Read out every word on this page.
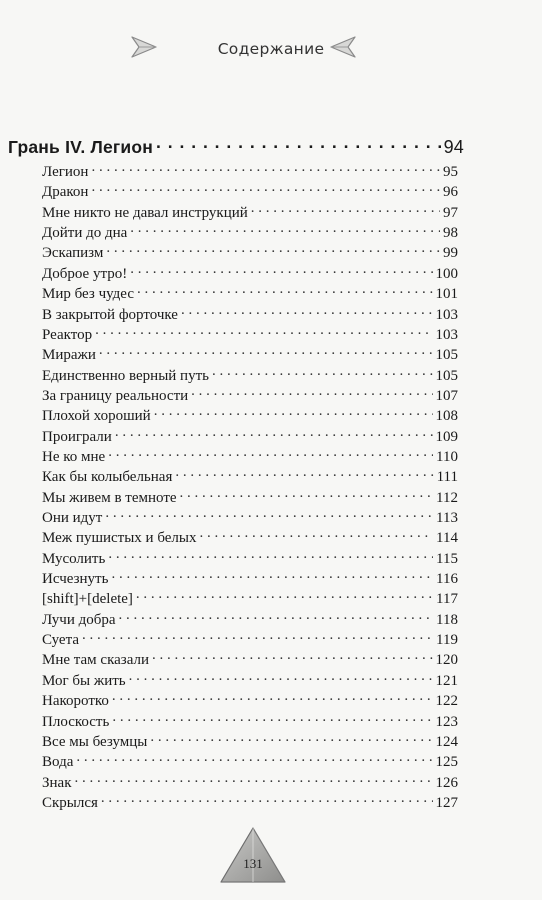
Содержание
Грань IV. Легион . . .	94
Легион . . .	95
Дракон . . .	96
Мне никто не давал инструкций . . .	97
Дойти до дна . . .	98
Эскапизм . . .	99
Доброе утро! . . .	100
Мир без чудес . . .	101
В закрытой форточке . . .	103
Реактор . . .	103
Миражи . . .	105
Единственно верный путь . . .	105
За границу реальности . . .	107
Плохой хороший . . .	108
Проиграли . . .	109
Не ко мне . . .	110
Как бы колыбельная . . .	111
Мы живем в темноте . . .	112
Они идут . . .	113
Меж пушистых и белых . . .	114
Мусолить . . .	115
Исчезнуть . . .	116
[shift]+[delete] . . .	117
Лучи добра . . .	118
Суета . . .	119
Мне там сказали . . .	120
Мог бы жить . . .	121
Накоротко . . .	122
Плоскость . . .	123
Все мы безумцы . . .	124
Вода . . .	125
Знак . . .	126
Скрылся . . .	127
131
